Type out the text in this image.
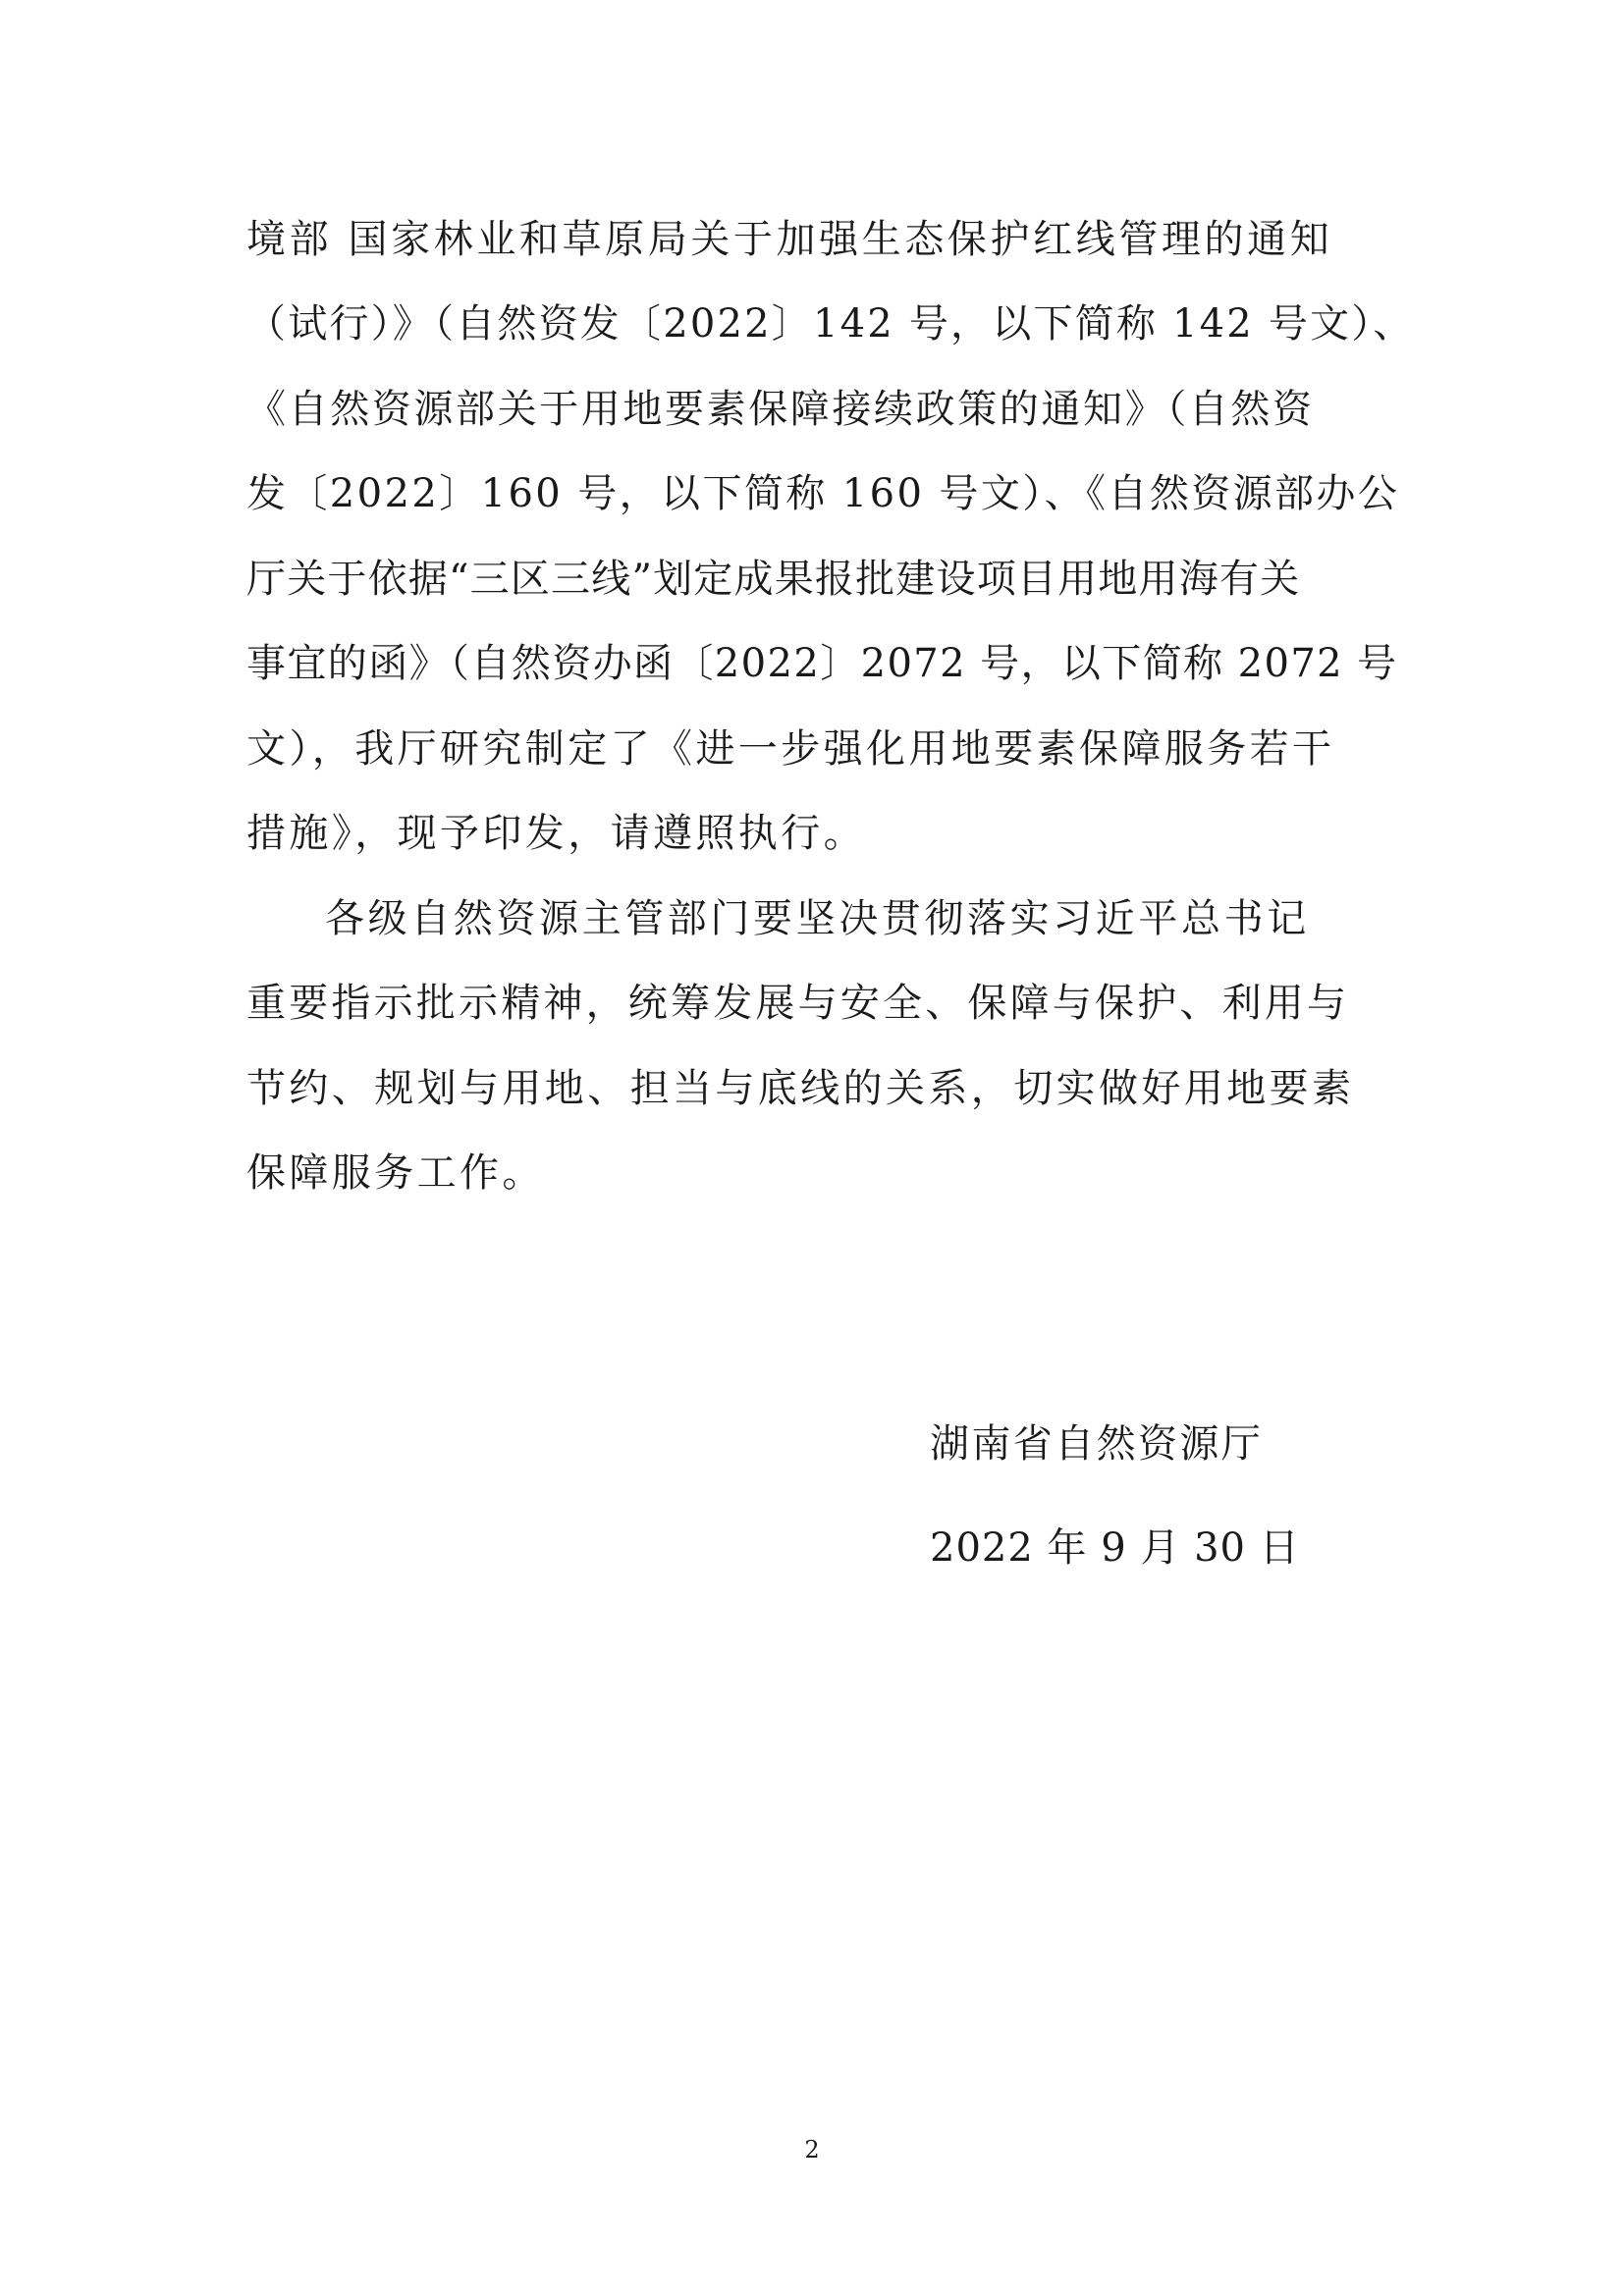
境部 国家林业和草原局关于加强生态保护红线管理的通知
（试行）》（自然资发〔2022〕142 号，以下简称 142 号文）、
《自然资源部关于用地要素保障接续政策的通知》（自然资
发〔2022〕160 号，以下简称 160 号文）、《自然资源部办公
厅关于依据“三区三线”划定成果报批建设项目用地用海有关
事宜的函》（自然资办函〔2022〕2072 号，以下简称 2072 号
文），我厅研究制定了《进一步强化用地要素保障服务若干
措施》，现予印发，请遵照执行。
各级自然资源主管部门要坚决贯彻落实习近平总书记
重要指示批示精神，统筹发展与安全、保障与保护、利用与
节约、规划与用地、担当与底线的关系，切实做好用地要素
保障服务工作。
湖南省自然资源厅
2022 年 9 月 30 日
2
